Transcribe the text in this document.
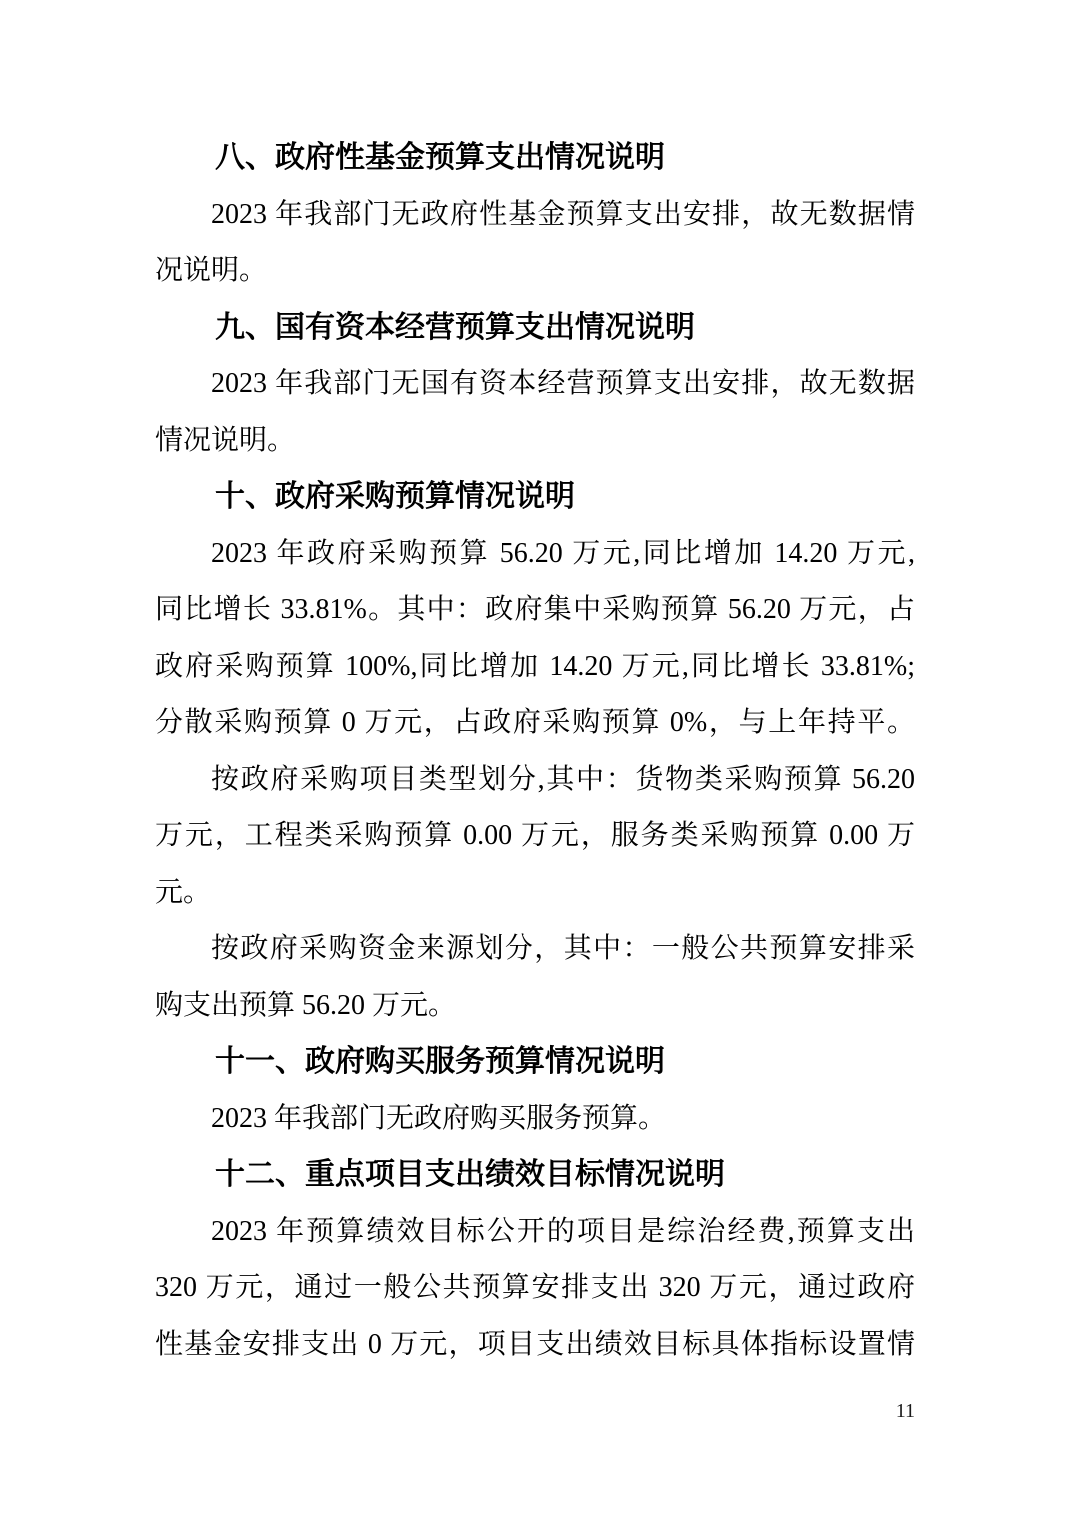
八、政府性基金预算支出情况说明

2023 年我部门无政府性基金预算支出安排，故无数据情

况说明。

九、国有资本经营预算支出情况说明

2023 年我部门无国有资本经营预算支出安排，故无数据

情况说明。

十、政府采购预算情况说明

2023 年政府采购预算 56.20 万元,同比增加 14.20 万元,

同比增长 33.81%。其中：政府集中采购预算 56.20 万元，占

政府采购预算 100%,同比增加 14.20 万元,同比增长 33.81%;

分散采购预算 0 万元，占政府采购预算 0%，与上年持平。

按政府采购项目类型划分,其中：货物类采购预算 56.20

万元，工程类采购预算 0.00 万元，服务类采购预算 0.00 万

元。

按政府采购资金来源划分，其中：一般公共预算安排采

购支出预算 56.20 万元。

十一、政府购买服务预算情况说明

2023 年我部门无政府购买服务预算。

十二、重点项目支出绩效目标情况说明

2023 年预算绩效目标公开的项目是综治经费,预算支出

320 万元，通过一般公共预算安排支出 320 万元，通过政府

性基金安排支出 0 万元，项目支出绩效目标具体指标设置情

11
